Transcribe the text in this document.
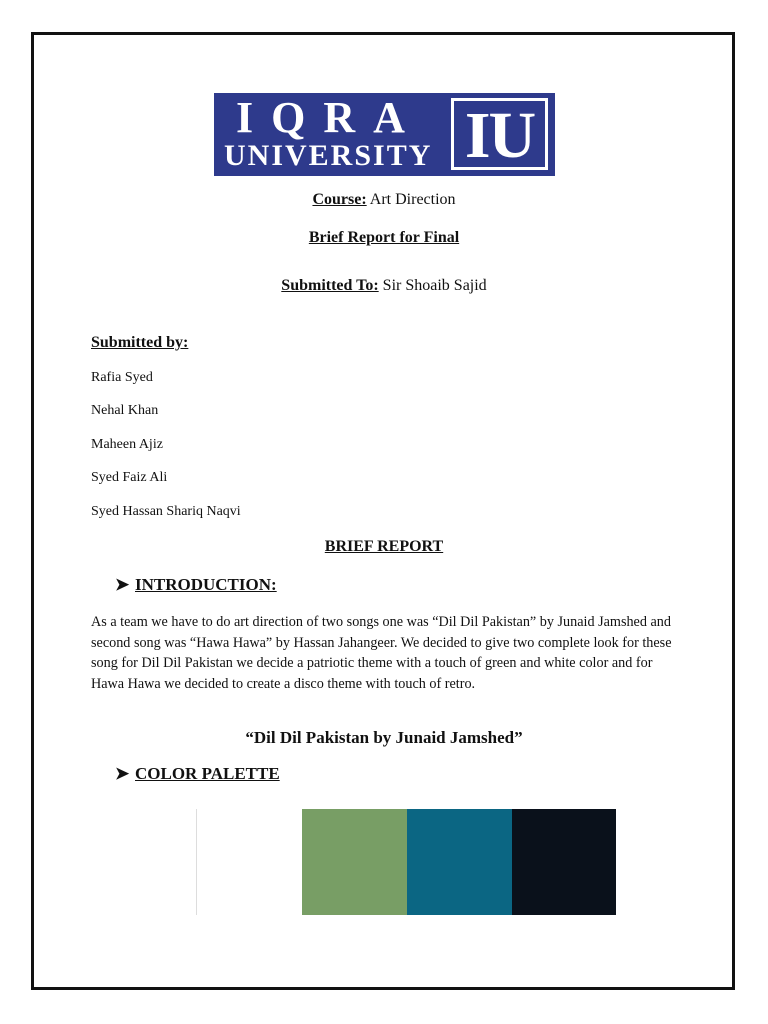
IQRA
UNIVERSITY IU
Course: Art Direction
Brief Report for Final
Submitted To: Sir Shoaib Sajid
Submitted by:
Rafia Syed
Nehal Khan
Maheen Ajiz
Syed Faiz Ali
Syed Hassan Shariq Naqvi
BRIEF REPORT
➤ INTRODUCTION:
As a team we have to do art direction of two songs one was “Dil Dil Pakistan” by Junaid Jamshed and second song was “Hawa Hawa” by Hassan Jahangeer. We decided to give two complete look for these song for Dil Dil Pakistan we decide a patriotic theme with a touch of green and white color and for Hawa Hawa we decided to create a disco theme with touch of retro.
“Dil Dil Pakistan by Junaid Jamshed”
➤ COLOR PALETTE
